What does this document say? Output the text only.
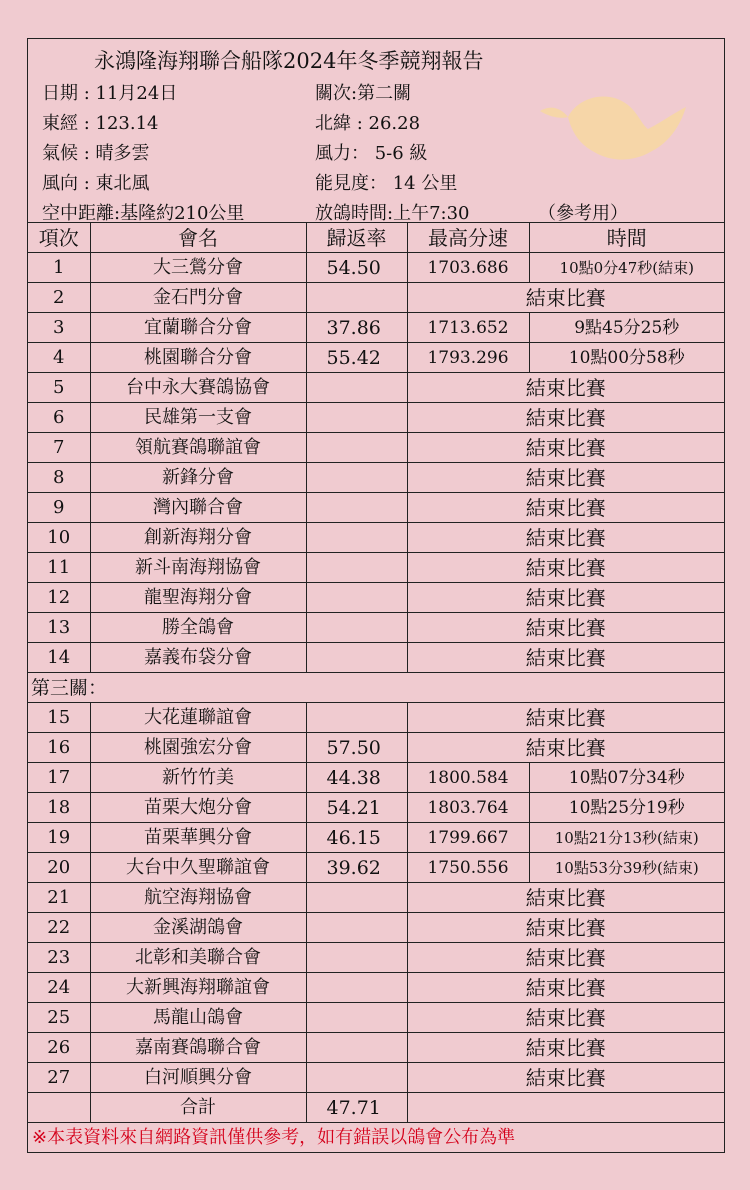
永鴻隆海翔聯合船隊2024年冬季競翔報告
日期 : 11月24日	關次:第二關
東經 : 123.14	北緯 : 26.28
氣候 : 晴多雲	風力： 5-6 級
風向 : 東北風	能見度： 14 公里
空中距離:基隆約210公里	放鴿時間:上午7:30	（參考用）
項次	會名	歸返率	最高分速	時間
1	大三鶯分會	54.50	1703.686	10點0分47秒(結束)
2	金石門分會		結束比賽	
3	宜蘭聯合分會	37.86	1713.652	9點45分25秒
4	桃園聯合分會	55.42	1793.296	10點00分58秒
5	台中永大賽鴿協會		結束比賽	
6	民雄第一支會		結束比賽	
7	領航賽鴿聯誼會		結束比賽	
8	新鋒分會		結束比賽	
9	灣內聯合會		結束比賽	
10	創新海翔分會		結束比賽	
11	新斗南海翔協會		結束比賽	
12	龍聖海翔分會		結束比賽	
13	勝全鴿會		結束比賽	
14	嘉義布袋分會		結束比賽	
第三關：				
15	大花蓮聯誼會		結束比賽	
16	桃園強宏分會	57.50	結束比賽	
17	新竹竹美	44.38	1800.584	10點07分34秒
18	苗栗大炮分會	54.21	1803.764	10點25分19秒
19	苗栗華興分會	46.15	1799.667	10點21分13秒(結束)
20	大台中久聖聯誼會	39.62	1750.556	10點53分39秒(結束)
21	航空海翔協會		結束比賽	
22	金溪湖鴿會		結束比賽	
23	北彰和美聯合會		結束比賽	
24	大新興海翔聯誼會		結束比賽	
25	馬龍山鴿會		結束比賽	
26	嘉南賽鴿聯合會		結束比賽	
27	白河順興分會		結束比賽	
	合計	47.71		
※本表資料來自網路資訊僅供參考，如有錯誤以鴿會公布為準				
